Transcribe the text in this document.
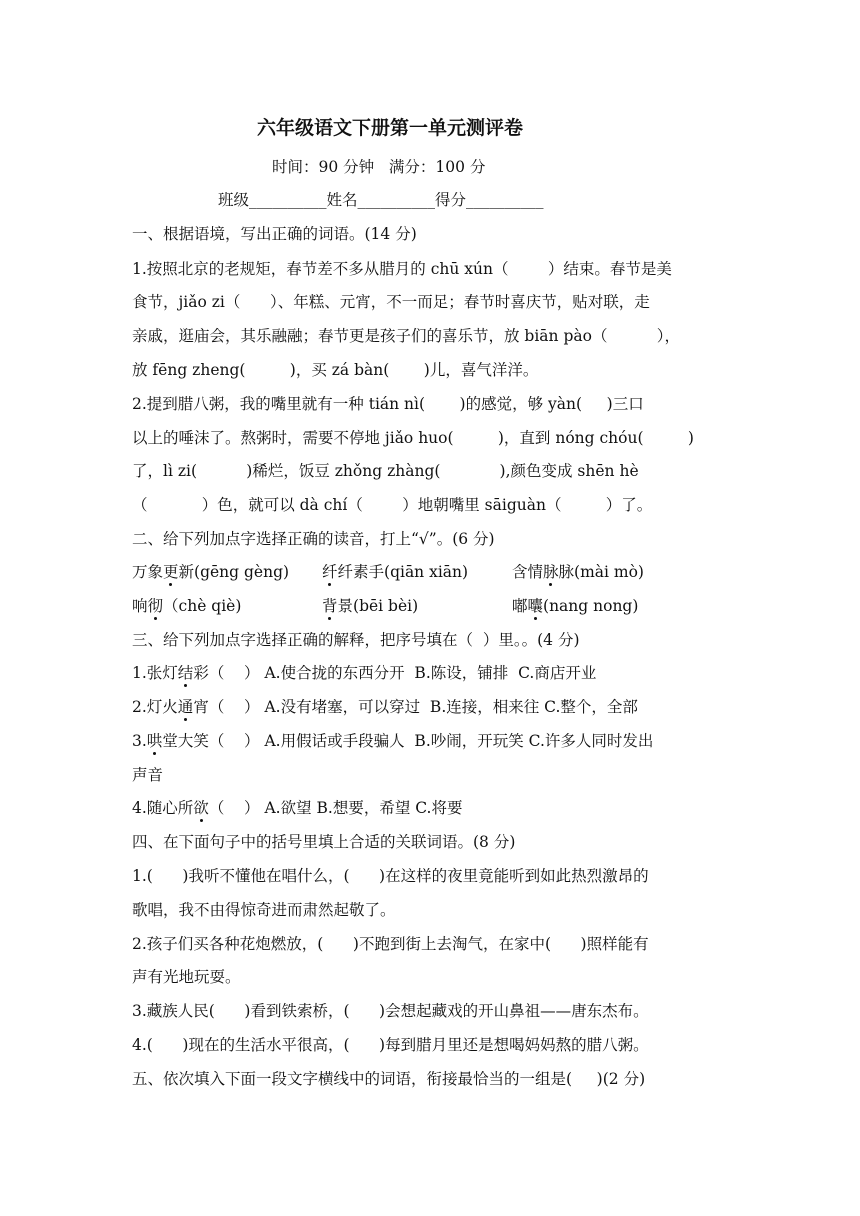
六年级语文下册第一单元测评卷
时间：90 分钟   满分：100 分
班级__________姓名__________得分__________
一、根据语境，写出正确的词语。(14 分)
1.按照北京的老规矩，春节差不多从腊月的 chū xún（        ）结束。春节是美
食节，jiǎo zi（      ）、年糕、元宵，不一而足；春节时喜庆节，贴对联，走
亲戚，逛庙会，其乐融融；春节更是孩子们的喜乐节，放 biān pào（          ），
放 fēng zheng(         )，买 zá bàn(       )儿，喜气洋洋。
2.提到腊八粥，我的嘴里就有一种 tián nì(       )的感觉，够 yàn(     )三口
以上的唾沫了。熬粥时，需要不停地 jiǎo huo(         )，直到 nóng chóu(         )
了，lì zi(          )稀烂，饭豆 zhǒng zhàng(            ),颜色变成 shēn hè
（           ）色，就可以 dà chí（        ）地朝嘴里 sāiguàn（         ）了。
二、给下列加点字选择正确的读音，打上“√”。(6 分)
万象更新(gēng gèng) 纤纤素手(qiān xiān)	含情脉脉(mài mò)
响彻（chè qiè)	背景(bēi bèi)	嘟囔(nang nong)
三、给下列加点字选择正确的解释，把序号填在（  ）里。。(4 分)
1.张灯结彩（    ） A.使合拢的东西分开  B.陈设，铺排  C.商店开业
2.灯火通宵（    ） A.没有堵塞，可以穿过  B.连接，相来往 C.整个，全部
3.哄堂大笑（    ） A.用假话或手段骗人  B.吵闹，开玩笑 C.许多人同时发出
声音
4.随心所欲（    ） A.欲望 B.想要，希望 C.将要
四、在下面句子中的括号里填上合适的关联词语。(8 分)
1.(      )我听不懂他在唱什么，(      )在这样的夜里竟能听到如此热烈激昂的
歌唱，我不由得惊奇进而肃然起敬了。
2.孩子们买各种花炮燃放，(      )不跑到街上去淘气，在家中(      )照样能有
声有光地玩耍。
3.藏族人民(      )看到铁索桥，(      )会想起藏戏的开山鼻祖——唐东杰布。
4.(      )现在的生活水平很高，(      )每到腊月里还是想喝妈妈熬的腊八粥。
五、依次填入下面一段文字横线中的词语，衔接最恰当的一组是(     )(2 分)
